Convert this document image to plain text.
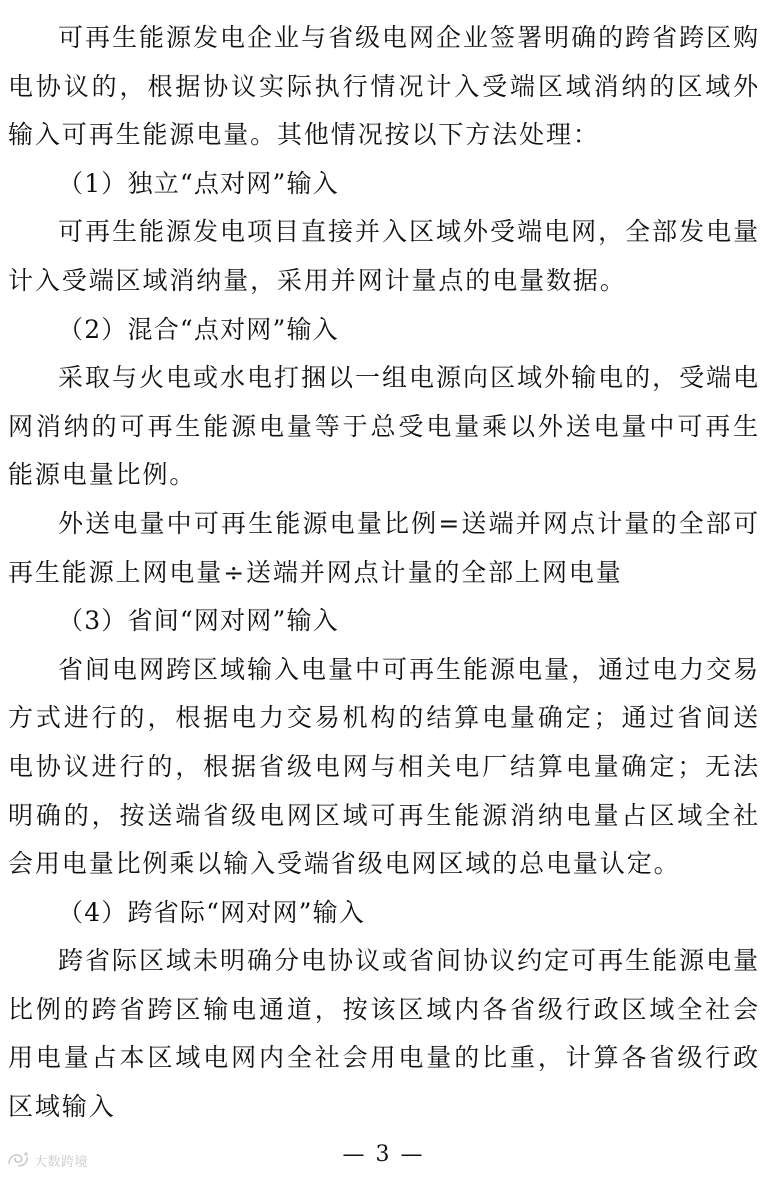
可再生能源发电企业与省级电网企业签署明确的跨省跨区购电协议的，根据协议实际执行情况计入受端区域消纳的区域外输入可再生能源电量。其他情况按以下方法处理：

（1）独立“点对网”输入

可再生能源发电项目直接并入区域外受端电网，全部发电量计入受端区域消纳量，采用并网计量点的电量数据。

（2）混合“点对网”输入

采取与火电或水电打捆以一组电源向区域外输电的，受端电网消纳的可再生能源电量等于总受电量乘以外送电量中可再生能源电量比例。

外送电量中可再生能源电量比例=送端并网点计量的全部可再生能源上网电量÷送端并网点计量的全部上网电量

（3）省间“网对网”输入

省间电网跨区域输入电量中可再生能源电量，通过电力交易方式进行的，根据电力交易机构的结算电量确定；通过省间送电协议进行的，根据省级电网与相关电厂结算电量确定；无法明确的，按送端省级电网区域可再生能源消纳电量占区域全社会用电量比例乘以输入受端省级电网区域的总电量认定。

（4）跨省际“网对网”输入

跨省际区域未明确分电协议或省间协议约定可再生能源电量比例的跨省跨区输电通道，按该区域内各省级行政区域全社会用电量占本区域电网内全社会用电量的比重，计算各省级行政区域输入

— 3 —
大数跨境
